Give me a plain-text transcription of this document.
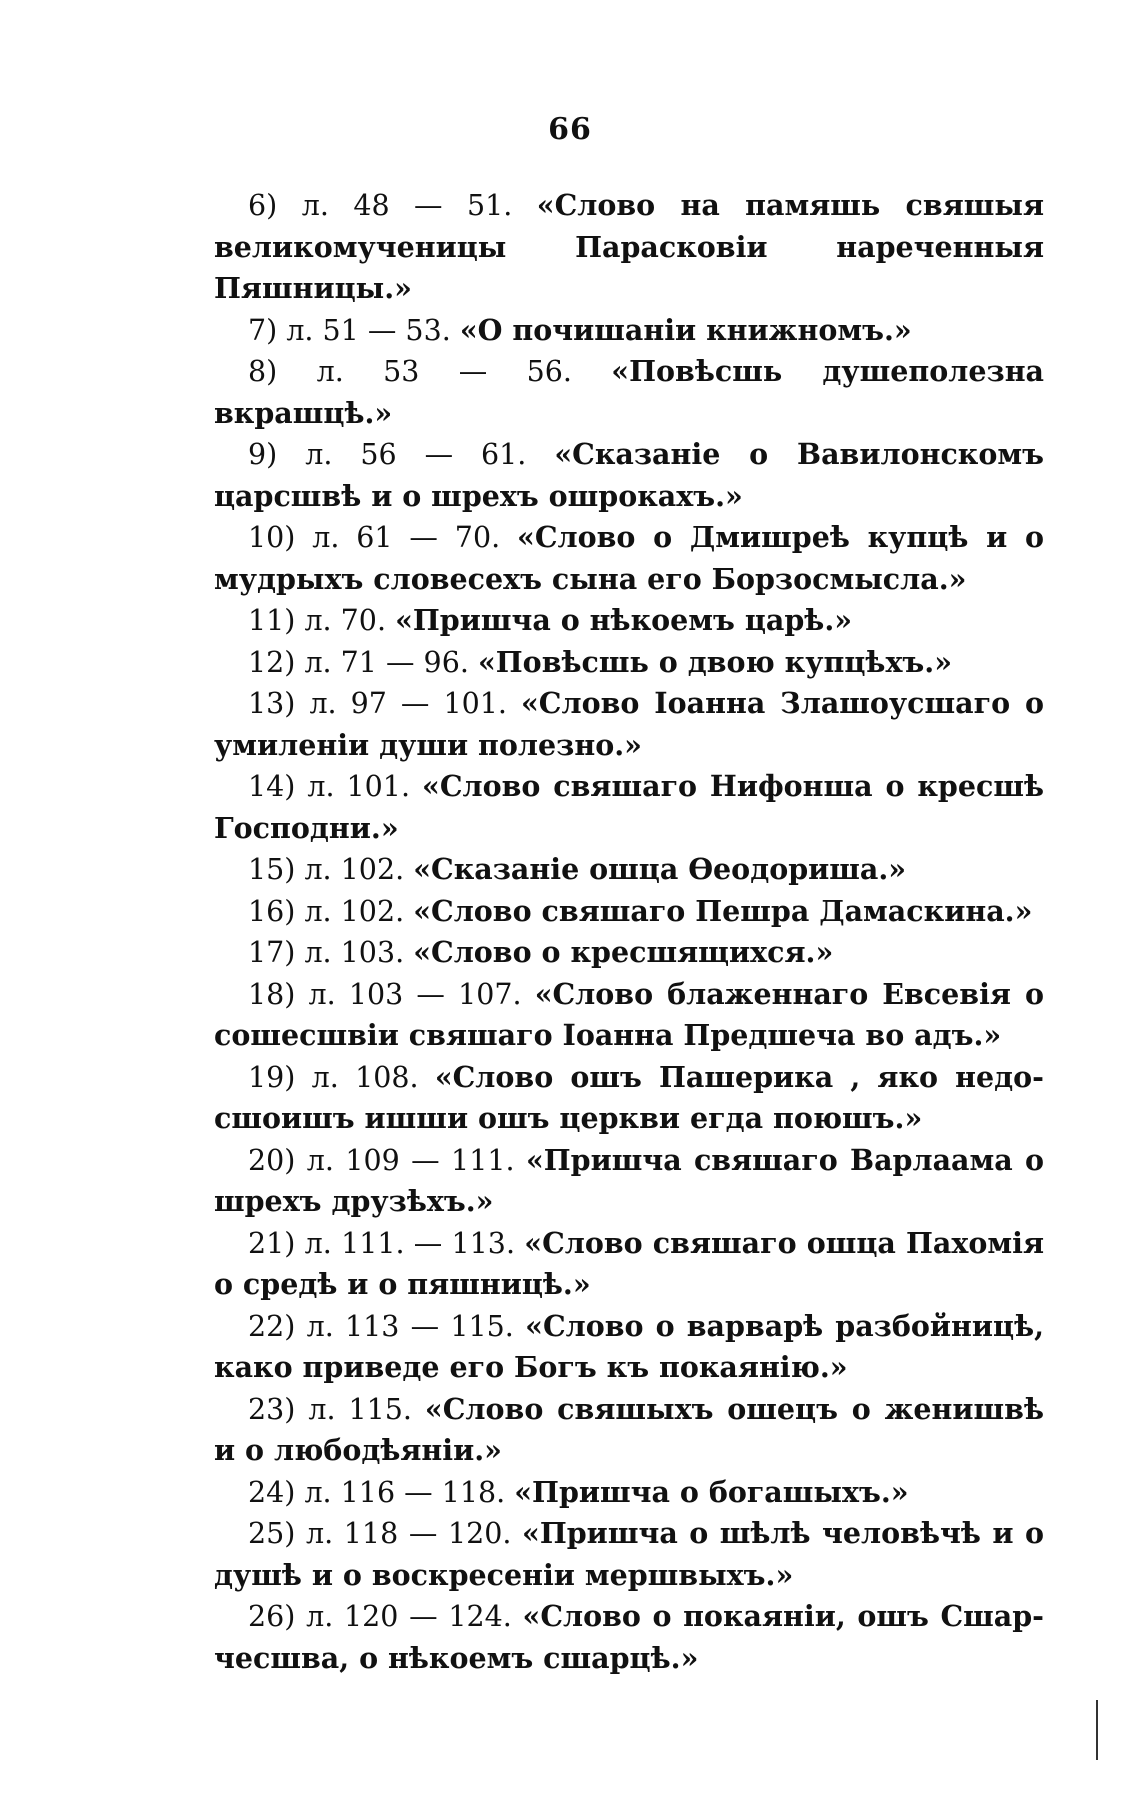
66

6) л. 48 — 51. «Слово на памяшь свяшыя великомученицы Парасковіи нареченныя Пяшницы.»

7) л. 51 — 53. «О почишаніи книжномъ.»

8) л. 53 — 56. «Повѣсшь душеполезна вкрашцѣ.»

9) л. 56 — 61. «Сказаніе о Вавилонскомъ царсшвѣ и о шрехъ ошрокахъ.»

10) л. 61 — 70. «Слово о Дмишреѣ купцѣ и о мудрыхъ словесехъ сына его Борзосмысла.»

11) л. 70. «Пришча о нѣкоемъ царѣ.»

12) л. 71 — 96. «Повѣсшь о двою купцѣхъ.»

13) л. 97 — 101. «Слово Іоанна Злашоусшаго о умиленіи души полезно.»

14) л. 101. «Слово свяшаго Нифонша о кресшѣ Господни.»

15) л. 102. «Сказаніе ошца Ѳеодориша.»

16) л. 102. «Слово свяшаго Пешра Дамаскина.»

17) л. 103. «Слово о кресшящихся.»

18) л. 103 — 107. «Слово блаженнаго Евсевія о сошесшвіи свяшаго Іоанна Предшеча во адъ.»

19) л. 108. «Слово ошъ Пашерика , яко недосшоишъ ишши ошъ церкви егда поюшъ.»

20) л. 109 — 111. «Пришча свяшаго Варлаама о шрехъ друзѣхъ.»

21) л. 111. — 113. «Слово свяшаго ошца Пахомія о средѣ и о пяшницѣ.»

22) л. 113 — 115. «Слово о варварѣ разбойницѣ, како приведе его Богъ къ покаянію.»

23) л. 115. «Слово свяшыхъ ошецъ о женишвѣ и о любодѣяніи.»

24) л. 116 — 118. «Пришча о богашыхъ.»

25) л. 118 — 120. «Пришча о шѣлѣ человѣчѣ и о душѣ и о воскресеніи мершвыхъ.»

26) л. 120 — 124. «Слово о покаяніи, ошъ Сшарчесшва, о нѣкоемъ сшарцѣ.»
